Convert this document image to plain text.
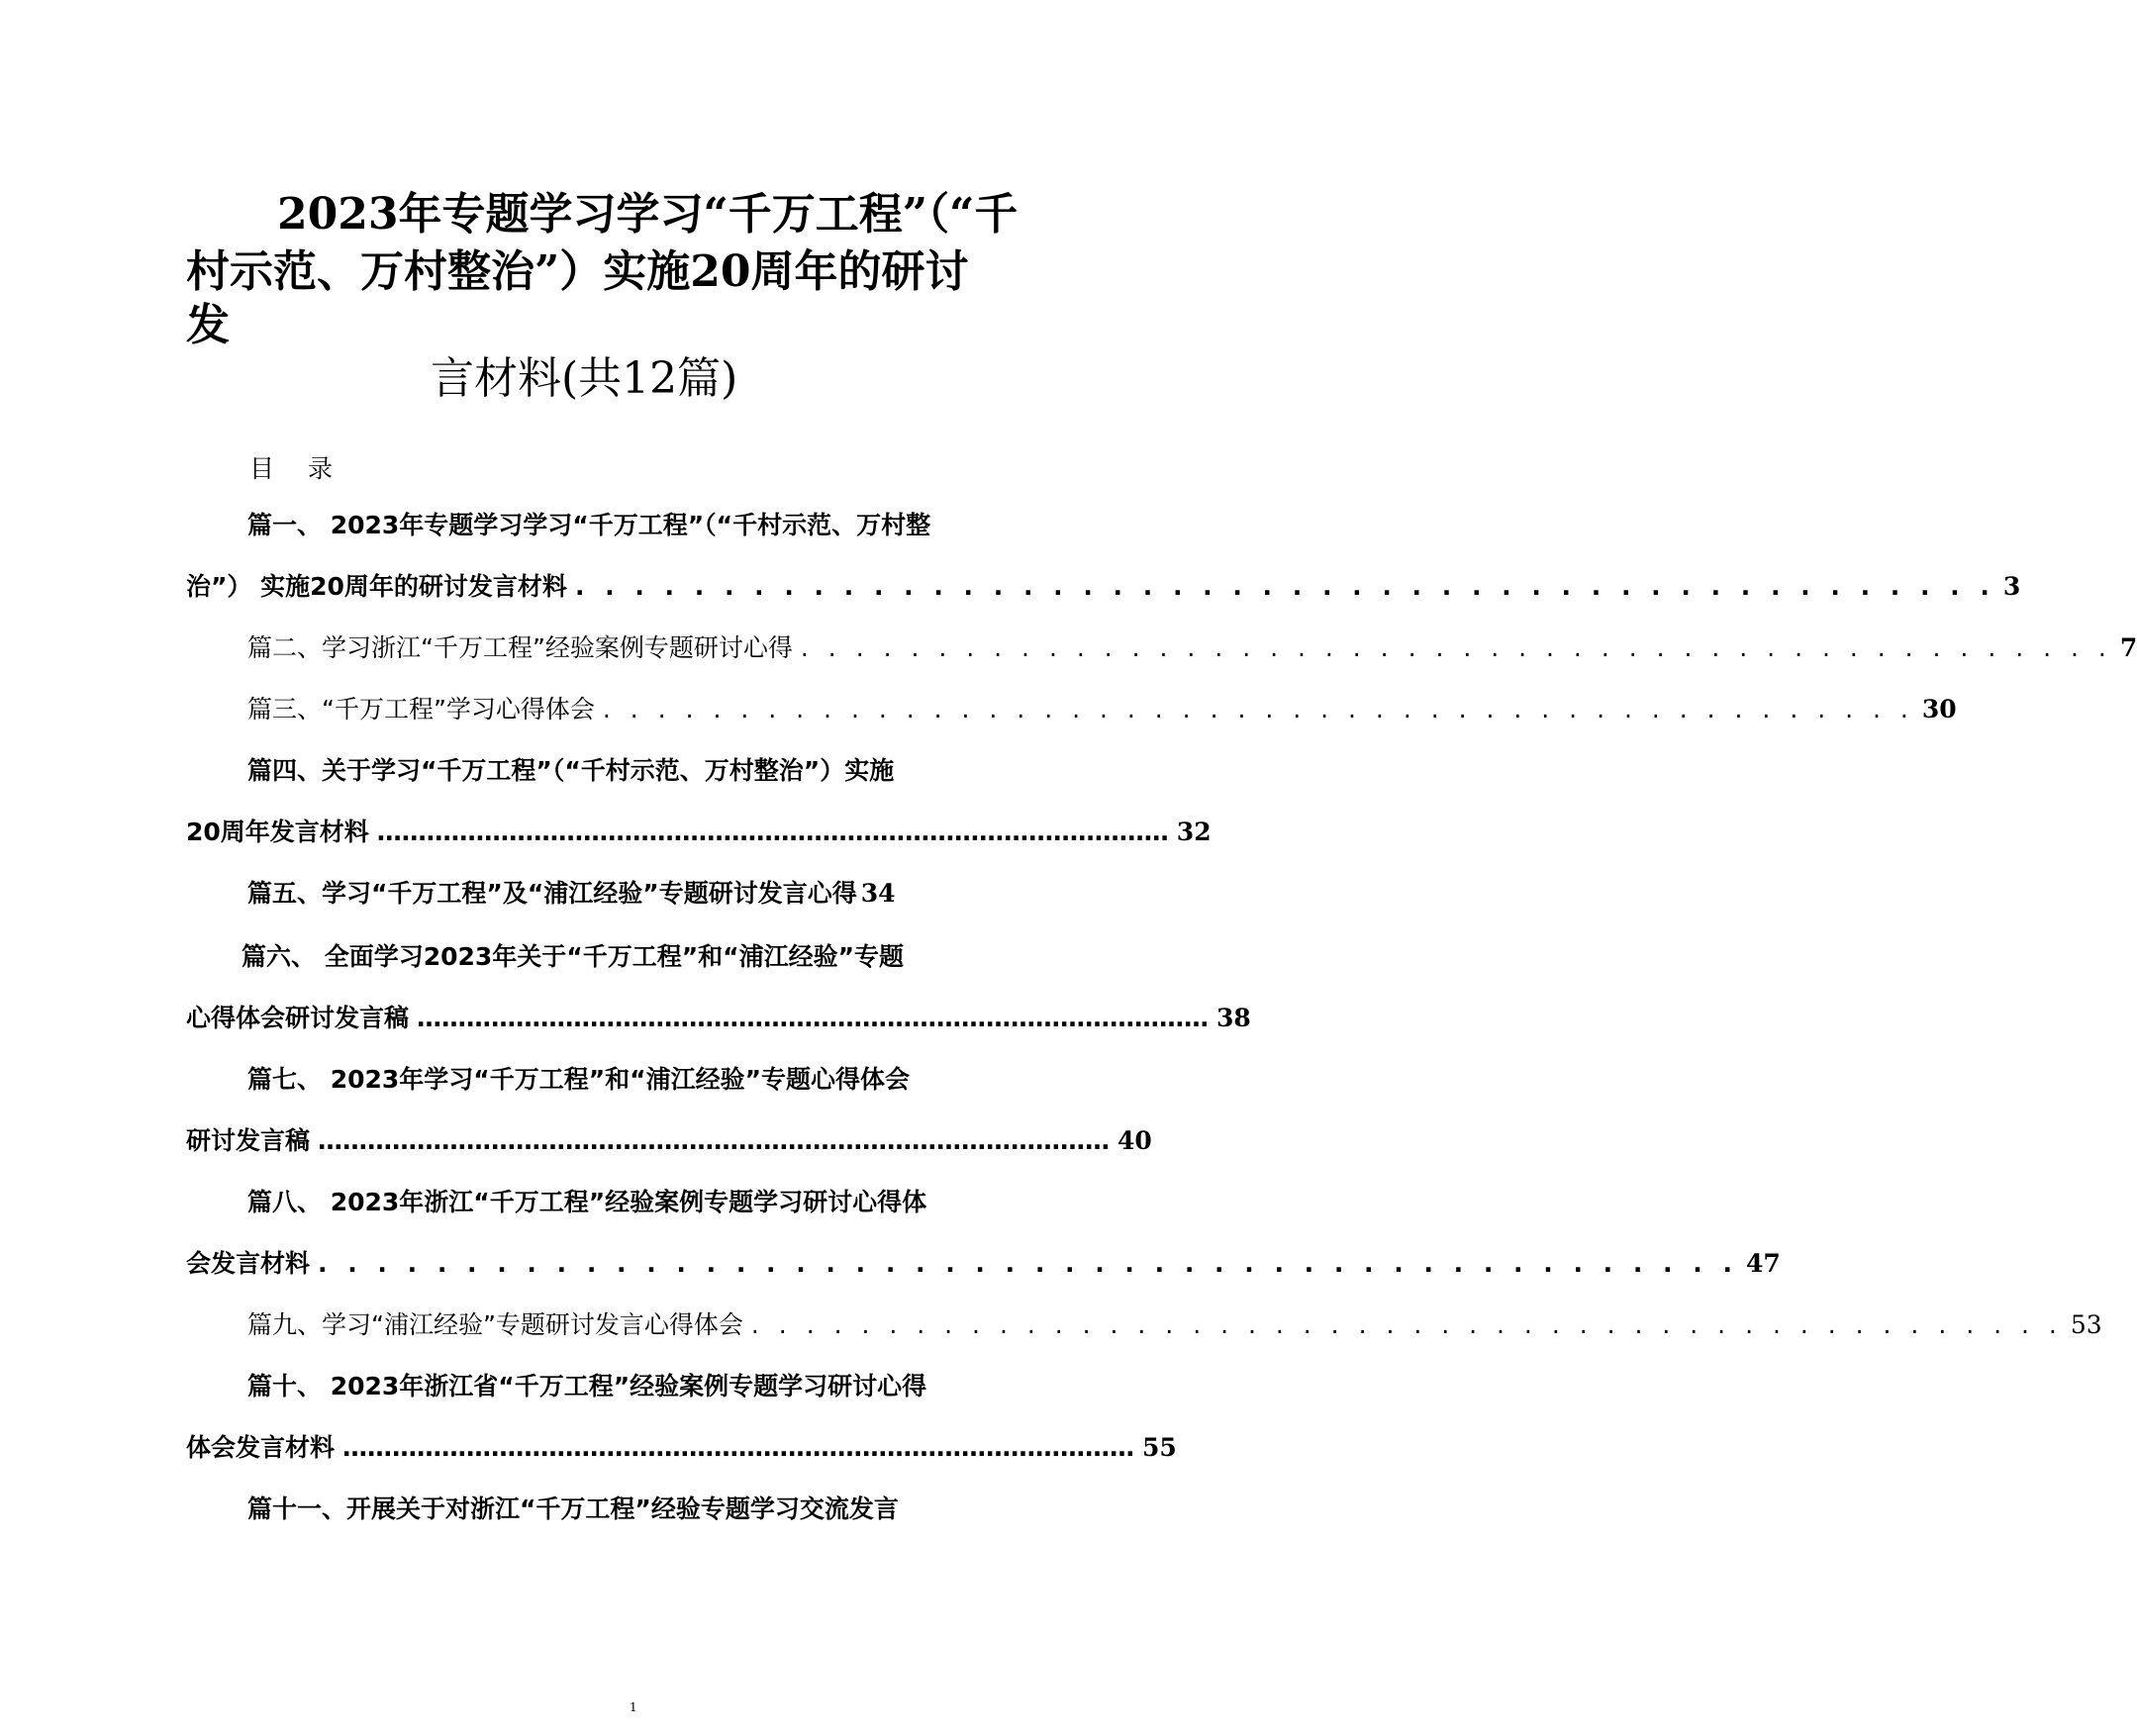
2023年专题学习学习“千万工程”（“千
村示范、万村整治”）实施20周年的研讨
发
言材料(共12篇)
目录
篇一、 2023年专题学习学习“千万工程”（“千村示范、万村整
治”） 实施20周年的研讨发言材料 . . . . . . . . . . . . . . . . . . . . . . . . . . . . . . . . . . . . . . . . . . . . . . . . 3
篇二、学习浙江“千万工程”经验案例专题研讨心得 . . . . . . . . . . . . . . . . . . . . . . . . . . . . . . . . . . . . . . . . . . . . . . . . 7
篇三、“千万工程”学习心得体会 . . . . . . . . . . . . . . . . . . . . . . . . . . . . . . . . . . . . . . . . . . . . . . . . 30
篇四、关于学习“千万工程”（“千村示范、万村整治”）实施
20周年发言材料 …………………………………………………………………………………… 32
篇五、学习“千万工程”及“浦江经验”专题研讨发言心得 34
篇六、 全面学习2023年关于“千万工程”和“浦江经验”专题
心得体会研讨发言稿 …………………………………………………………………………………… 38
篇七、 2023年学习“千万工程”和“浦江经验”专题心得体会
研讨发言稿 …………………………………………………………………………………… 40
篇八、 2023年浙江“千万工程”经验案例专题学习研讨心得体
会发言材料 . . . . . . . . . . . . . . . . . . . . . . . . . . . . . . . . . . . . . . . . . . . . . . . . 47
篇九、学习“浦江经验”专题研讨发言心得体会 . . . . . . . . . . . . . . . . . . . . . . . . . . . . . . . . . . . . . . . . . . . . . . . . 53
篇十、 2023年浙江省“千万工程”经验案例专题学习研讨心得
体会发言材料 …………………………………………………………………………………… 55
篇十一、开展关于对浙江“千万工程”经验专题学习交流发言
1
